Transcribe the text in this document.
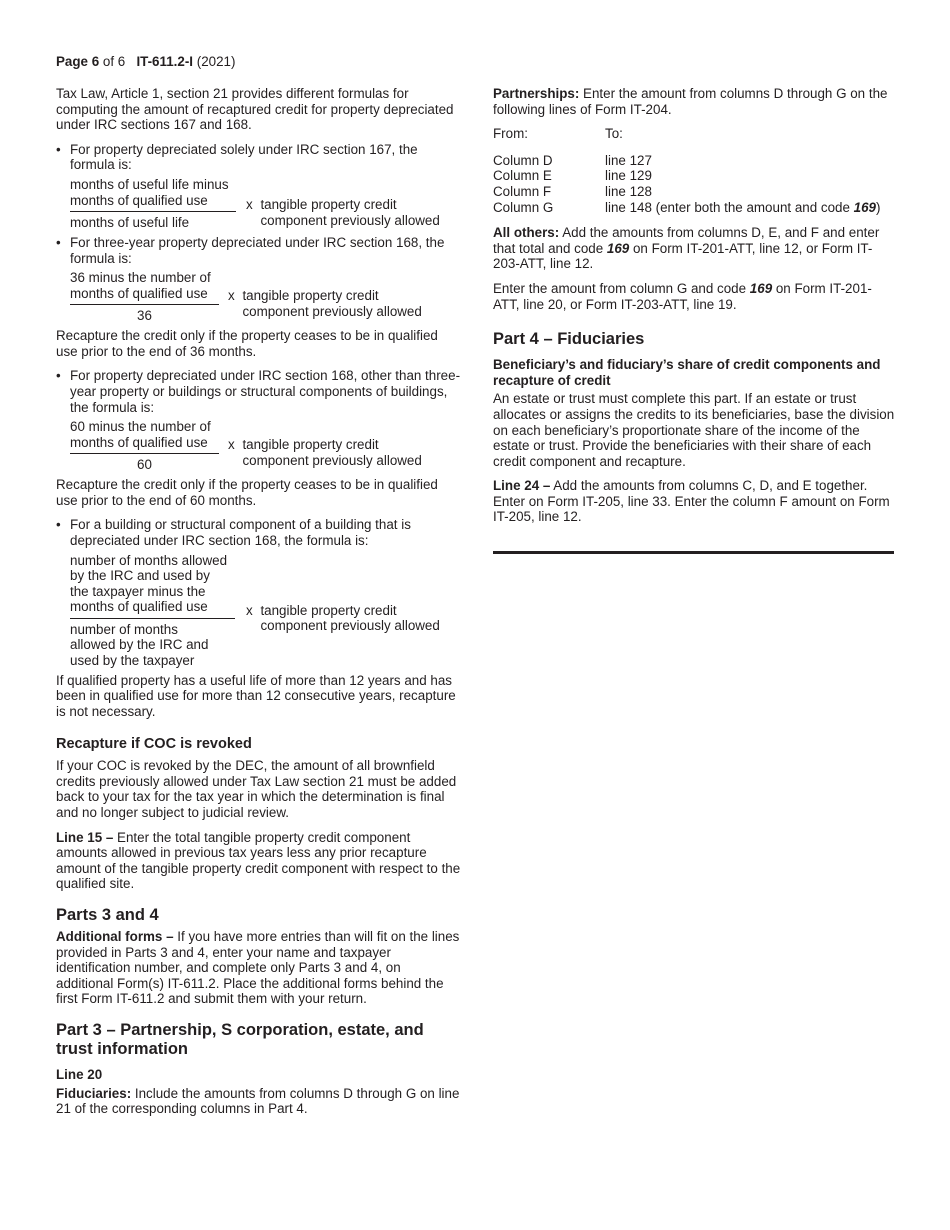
Page 6 of 6 IT-611.2-I (2021)

Tax Law, Article 1, section 21 provides different formulas for computing the amount of recaptured credit for property depreciated under IRC sections 167 and 168.

• For property depreciated solely under IRC section 167, the formula is:
months of useful life minus
months of qualified use
months of useful life
x tangible property credit
component previously allowed
• For three-year property depreciated under IRC section 168, the formula is:
36 minus the number of
months of qualified use
36
x tangible property credit
component previously allowed

Recapture the credit only if the property ceases to be in qualified use prior to the end of 36 months.

• For property depreciated under IRC section 168, other than three-year property or buildings or structural components of buildings, the formula is:
60 minus the number of
months of qualified use
60
x tangible property credit
component previously allowed

Recapture the credit only if the property ceases to be in qualified use prior to the end of 60 months.

• For a building or structural component of a building that is depreciated under IRC section 168, the formula is:
number of months allowed
by the IRC and used by
the taxpayer minus the
months of qualified use
number of months
allowed by the IRC and
used by the taxpayer
x tangible property credit
component previously allowed

If qualified property has a useful life of more than 12 years and has been in qualified use for more than 12 consecutive years, recapture is not necessary.

Recapture if COC is revoked

If your COC is revoked by the DEC, the amount of all brownfield credits previously allowed under Tax Law section 21 must be added back to your tax for the tax year in which the determination is final and no longer subject to judicial review.

Line 15 – Enter the total tangible property credit component amounts allowed in previous tax years less any prior recapture amount of the tangible property credit component with respect to the qualified site.

Parts 3 and 4

Additional forms – If you have more entries than will fit on the lines provided in Parts 3 and 4, enter your name and taxpayer identification number, and complete only Parts 3 and 4, on additional Form(s) IT-611.2. Place the additional forms behind the first Form IT-611.2 and submit them with your return.

Part 3 – Partnership, S corporation, estate, and trust information
Line 20

Fiduciaries: Include the amounts from columns D through G on line 21 of the corresponding columns in Part 4.

Partnerships: Enter the amount from columns D through G on the following lines of Form IT-204.

From:	To:
Column D	line 127
Column E	line 129
Column F	line 128
Column G	line 148 (enter both the amount and code 169)

All others: Add the amounts from columns D, E, and F and enter that total and code 169 on Form IT-201-ATT, line 12, or Form IT-203-ATT, line 12.

Enter the amount from column G and code 169 on Form IT-201-ATT, line 20, or Form IT-203-ATT, line 19.

Part 4 – Fiduciaries
Beneficiary’s and fiduciary’s share of credit components and recapture of credit

An estate or trust must complete this part. If an estate or trust allocates or assigns the credits to its beneficiaries, base the division on each beneficiary’s proportionate share of the income of the estate or trust. Provide the beneficiaries with their share of each credit component and recapture.

Line 24 – Add the amounts from columns C, D, and E together. Enter on Form IT-205, line 33. Enter the column F amount on Form IT-205, line 12.
